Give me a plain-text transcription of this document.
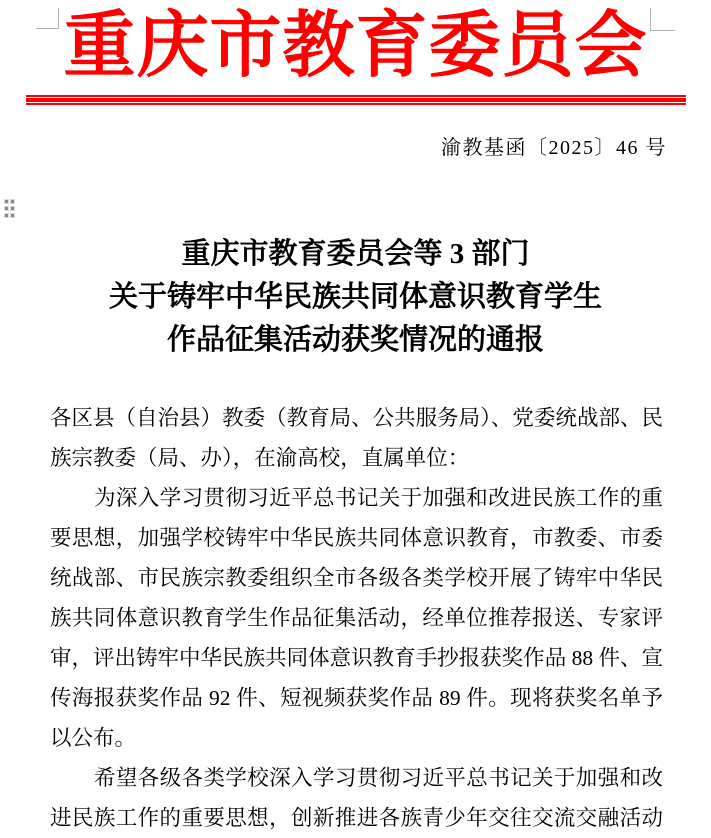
重庆市教育委员会
渝教基函〔2025〕46 号
重庆市教育委员会等 3 部门
关于铸牢中华民族共同体意识教育学生
作品征集活动获奖情况的通报
各区县（自治县）教委（教育局、公共服务局）、党委统战部、民
族宗教委（局、办），在渝高校，直属单位：
为深入学习贯彻习近平总书记关于加强和改进民族工作的重
要思想，加强学校铸牢中华民族共同体意识教育，市教委、市委
统战部、市民族宗教委组织全市各级各类学校开展了铸牢中华民
族共同体意识教育学生作品征集活动，经单位推荐报送、专家评
审，评出铸牢中华民族共同体意识教育手抄报获奖作品 88 件、宣
传海报获奖作品 92 件、短视频获奖作品 89 件。现将获奖名单予
以公布。
希望各级各类学校深入学习贯彻习近平总书记关于加强和改
进民族工作的重要思想，创新推进各族青少年交往交流交融活动
